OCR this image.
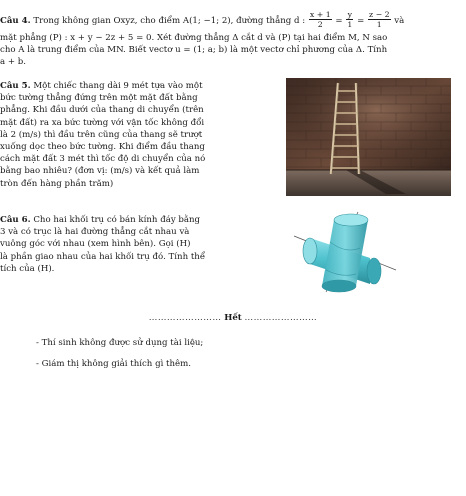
Câu 4. Trong không gian Oxyz, cho điểm A(1; −1; 2), đường thẳng d : $\frac{x + 1}{2} = \frac{y}{1} = \frac{z - 2}{1}$ và
mặt phẳng (P) : x + y − 2z + 5 = 0. Xét đường thẳng Δ cắt d và (P) tại hai điểm M, N sao
cho A là trung điểm của MN. Biết vectơ u = (1; a; b) là một vectơ chỉ phương của Δ. Tính
a + b.
Câu 5. Một chiếc thang dài 9 mét tựa vào một
bức tường thẳng đứng trên một mặt đất bằng
phẳng. Khi đầu dưới của thang di chuyển (trên
mặt đất) ra xa bức tường với vận tốc không đổi
là 2 (m/s) thì đầu trên cũng của thang sẽ trượt
xuống dọc theo bức tường. Khi điểm đầu thang
cách mặt đất 3 mét thì tốc độ di chuyển của nó
bằng bao nhiêu? (đơn vị: (m/s) và kết quả làm
tròn đến hàng phần trăm)
Câu 6. Cho hai khối trụ có bán kính đáy bằng
3 và có trục là hai đường thẳng cắt nhau và
vuông góc với nhau (xem hình bên). Gọi (H)
là phần giao nhau của hai khối trụ đó. Tính thể
tích của (H).
…………………… Hết ……………………
- Thí sinh không được sử dụng tài liệu;
- Giám thị không giải thích gì thêm.
